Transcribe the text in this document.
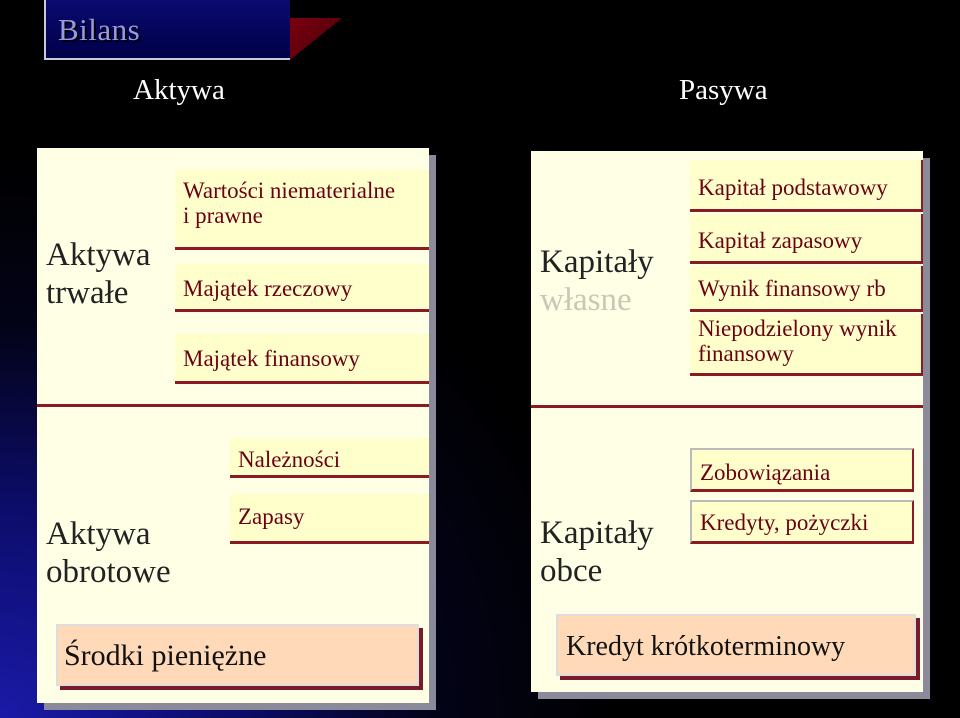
Bilans
Aktywa	Pasywa
Aktywa
trwałe
Wartości niematerialne
i prawne
Majątek rzeczowy
Majątek finansowy
Aktywa
obrotowe
Należności
Zapasy
Środki pieniężne
Kapitały
własne
Kapitał podstawowy
Kapitał zapasowy
Wynik finansowy rb
Niepodzielony wynik
finansowy
Kapitały
obce
Zobowiązania
Kredyty, pożyczki
Kredyt krótkoterminowy
